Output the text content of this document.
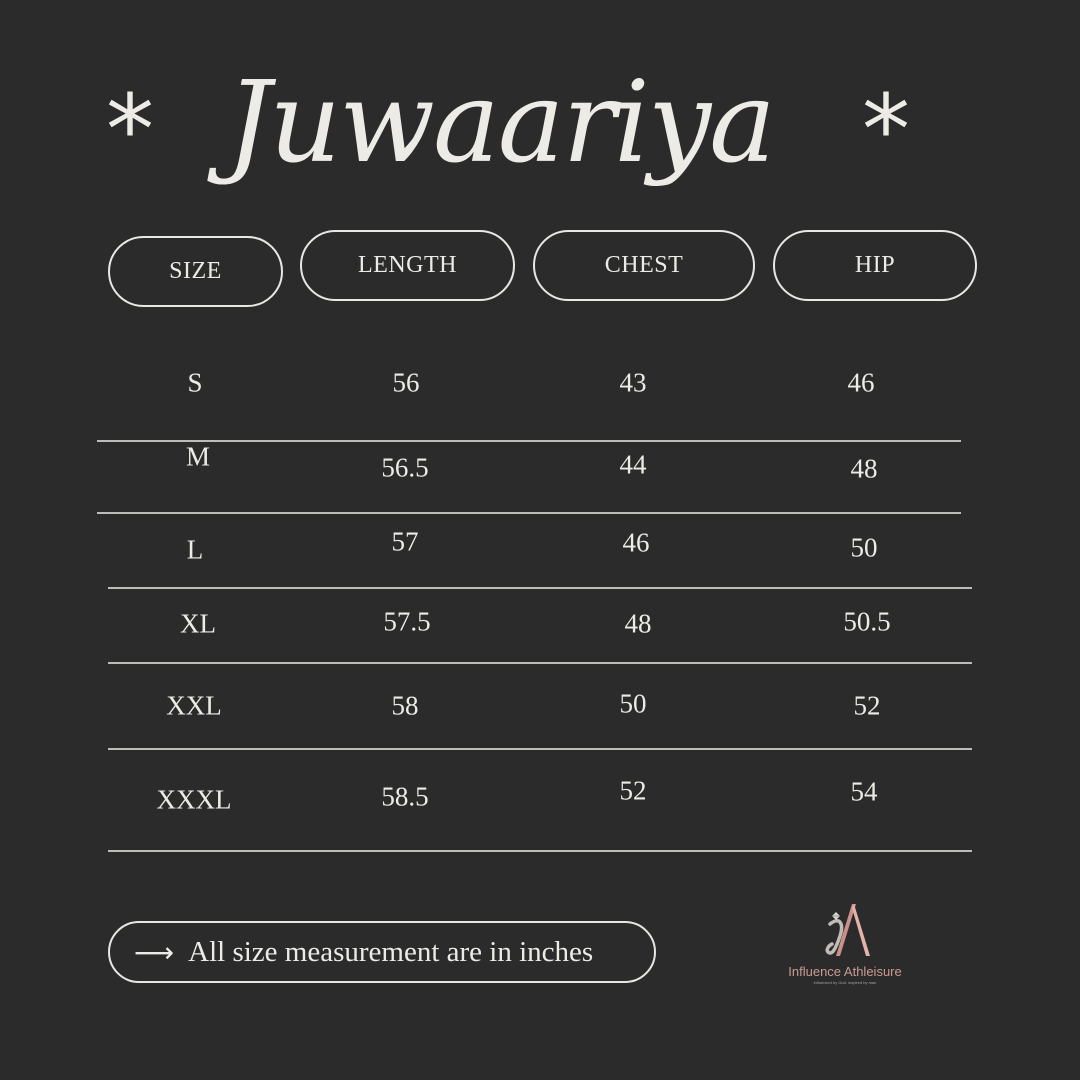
* Juwaariya *
SIZE	LENGTH	CHEST	HIP
S	56	43	46
M	56.5	44	48
L	57	46	50
XL	57.5	48	50.5
XXL	58	50	52
XXXL	58.5	52	54
⟶ All size measurement are in inches
Influence Athleisure
influenced by God, inspired by man
